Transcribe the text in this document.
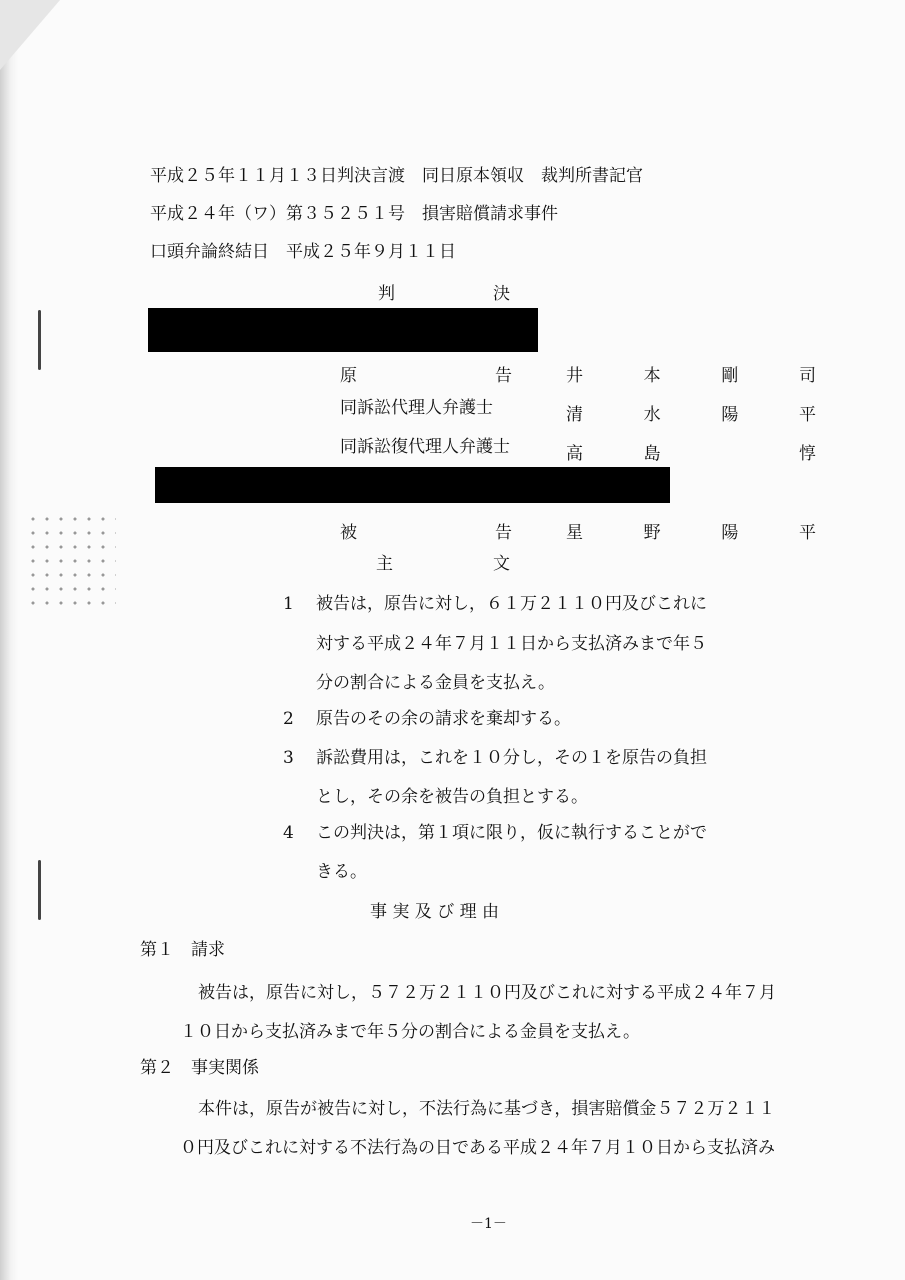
平成２５年１１月１３日判決言渡　同日原本領収　裁判所書記官
平成２４年（ワ）第３５２５１号　損害賠償請求事件
口頭弁論終結日　平成２５年９月１１日
判	決
原	告	井	本	剛	司
同訴訟代理人弁護士	清	水	陽	平
同訴訟復代理人弁護士	高	島	惇
被	告	星	野	陽	平
主	文
1 被告は，原告に対し，６１万２１１０円及びこれに
対する平成２４年７月１１日から支払済みまで年５
分の割合による金員を支払え。
2 原告のその余の請求を棄却する。
3 訴訟費用は，これを１０分し，その１を原告の負担
とし，その余を被告の負担とする。
4 この判決は，第１項に限り，仮に執行することがで
きる。
事 実 及 び 理 由
第１　請求
被告は，原告に対し，５７２万２１１０円及びこれに対する平成２４年７月
１０日から支払済みまで年５分の割合による金員を支払え。
第２　事実関係
本件は，原告が被告に対し，不法行為に基づき，損害賠償金５７２万２１１
０円及びこれに対する不法行為の日である平成２４年７月１０日から支払済み
－1－
